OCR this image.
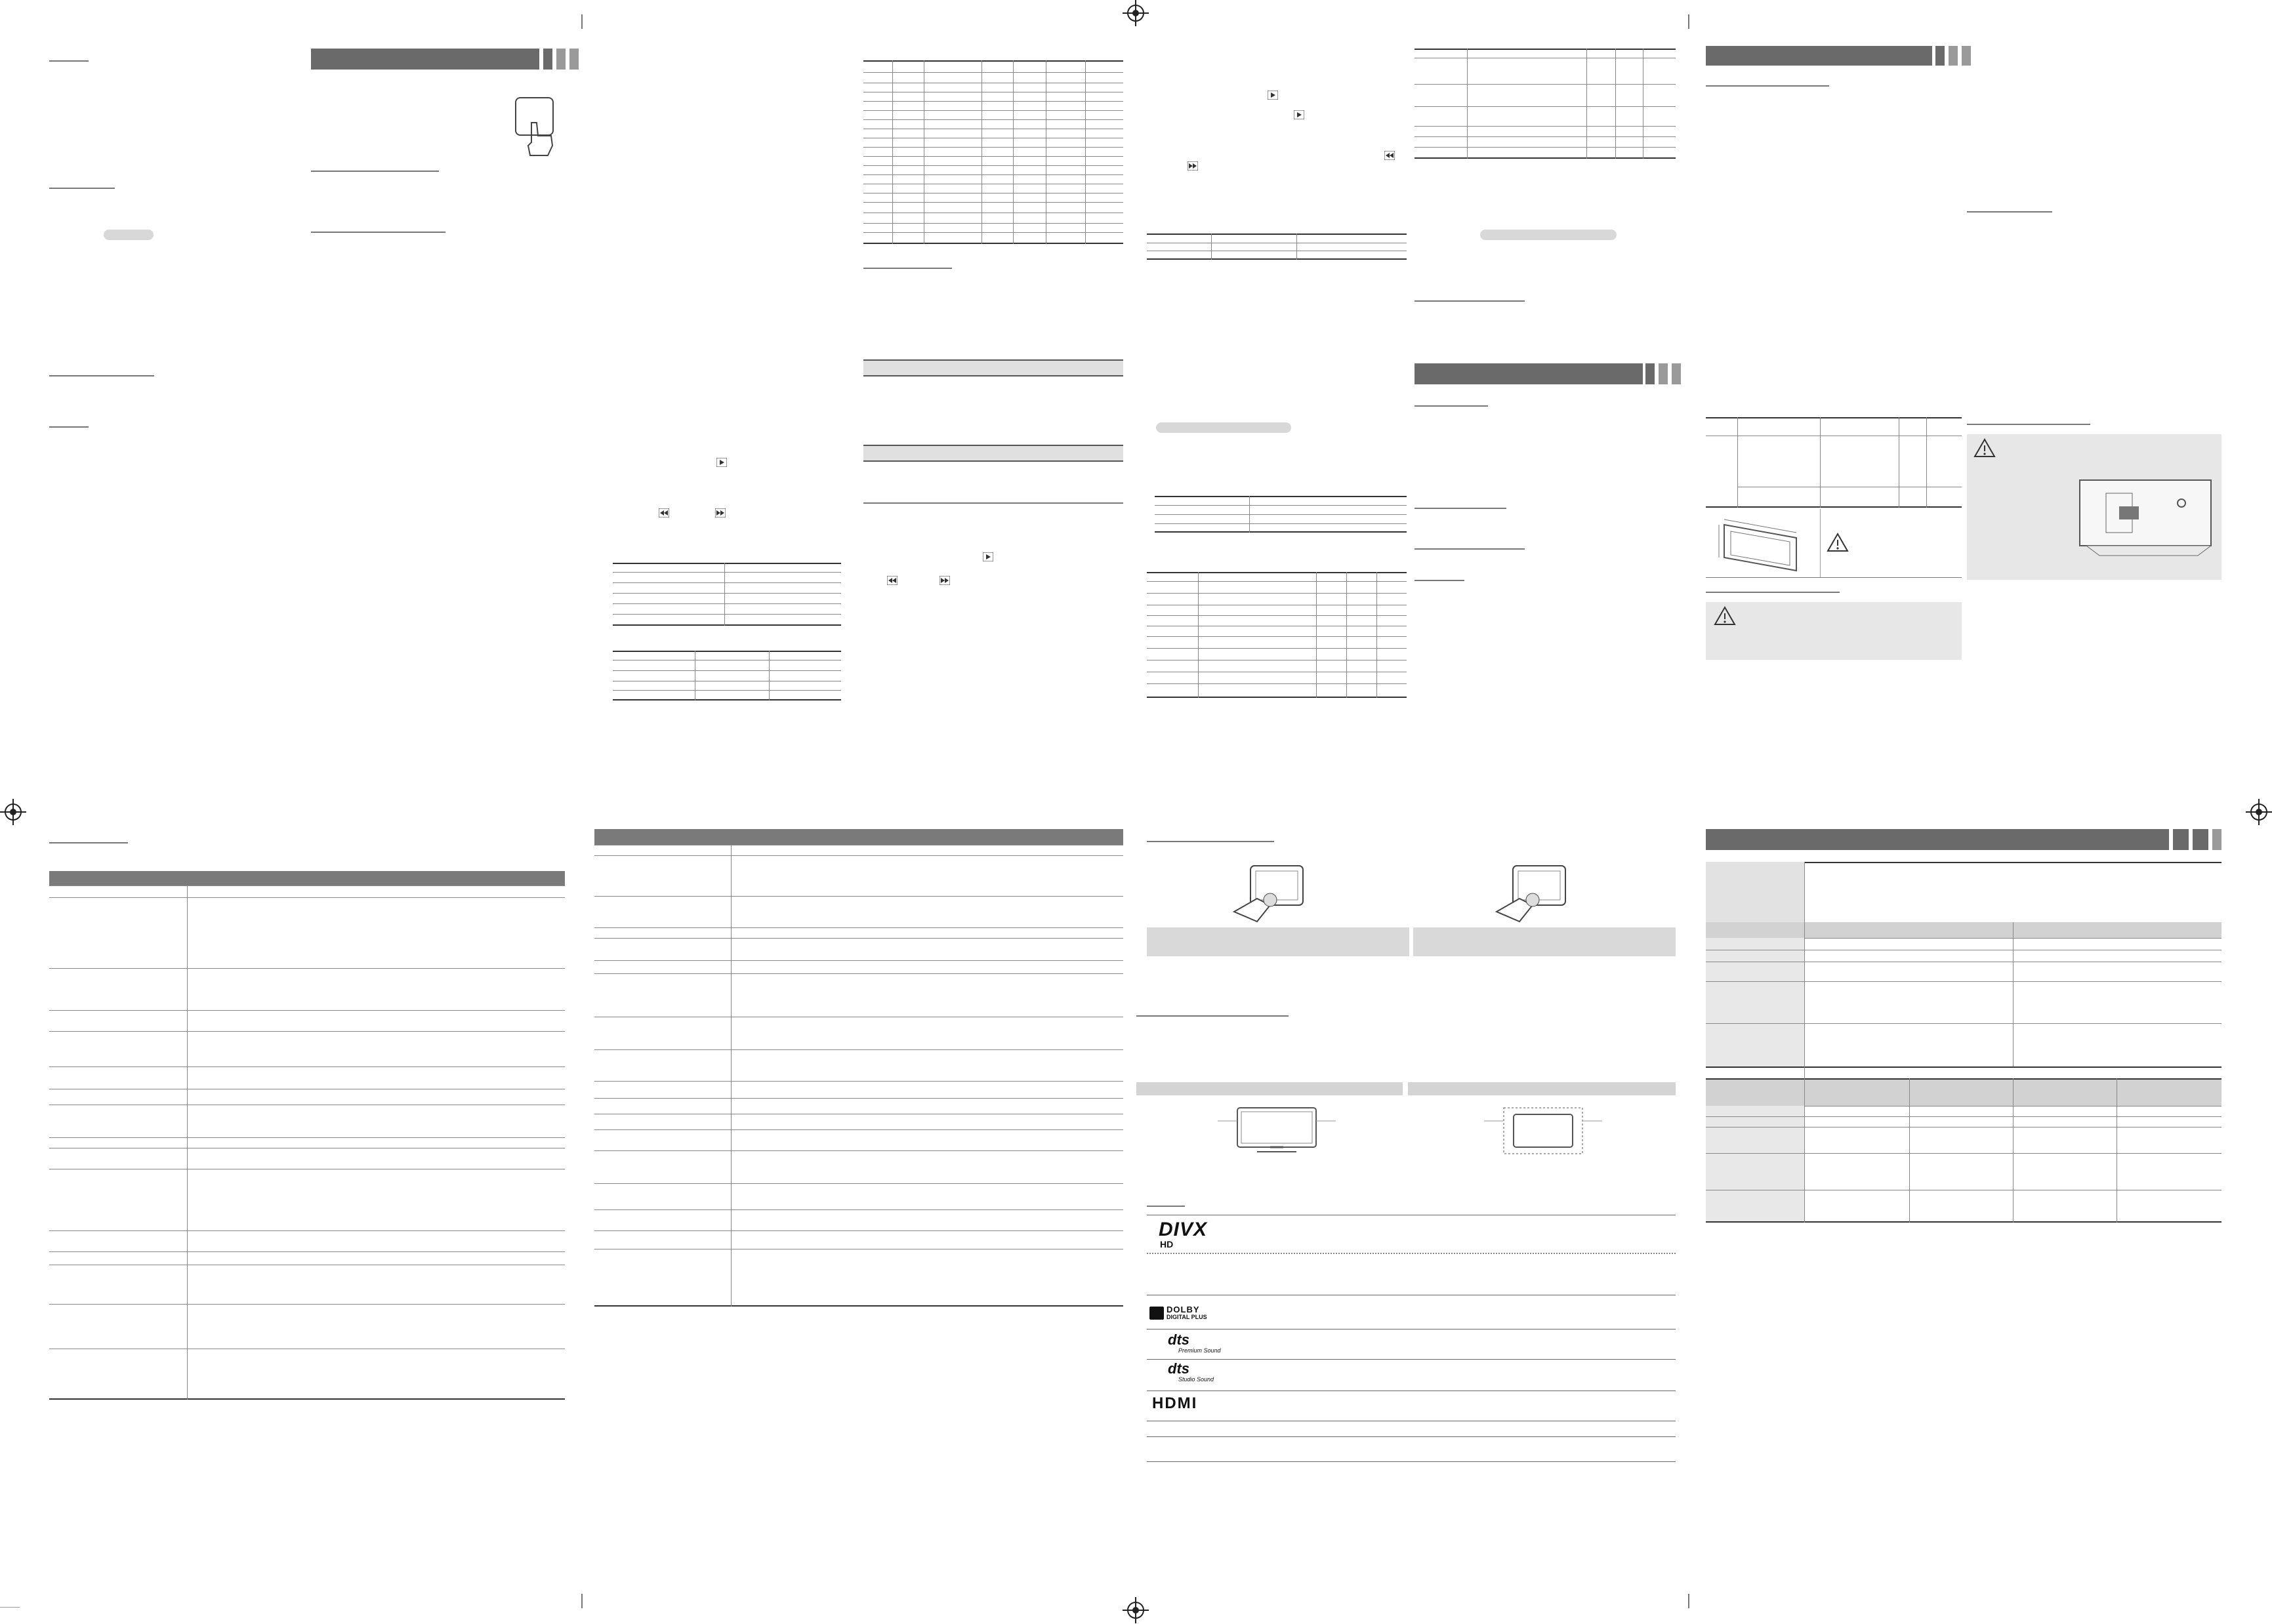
DIVX
HD
DOLBY
DIGITAL PLUS
dts
Premium Sound
dts
Studio Sound
HDMI
